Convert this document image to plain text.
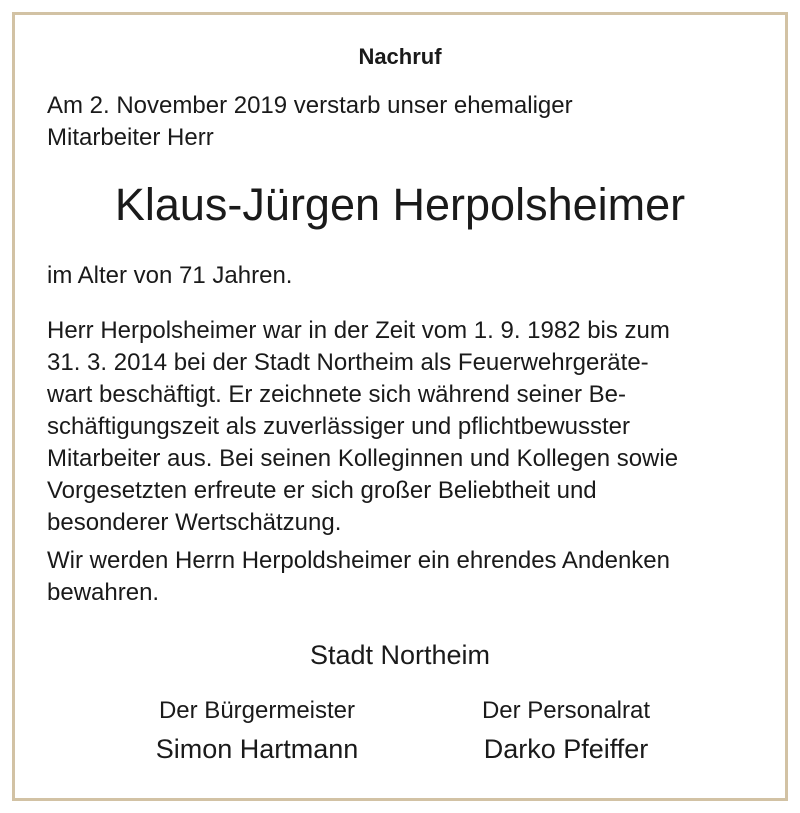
Nachruf
Am 2. November 2019 verstarb unser ehemaliger
Mitarbeiter Herr
Klaus-Jürgen Herpolsheimer
im Alter von 71 Jahren.
Herr Herpolsheimer war in der Zeit vom 1. 9. 1982 bis zum
31. 3. 2014 bei der Stadt Northeim als Feuerwehrgeräte-
wart beschäftigt. Er zeichnete sich während seiner Be-
schäftigungszeit als zuverlässiger und pflichtbewusster
Mitarbeiter aus. Bei seinen Kolleginnen und Kollegen sowie
Vorgesetzten erfreute er sich großer Beliebtheit und
besonderer Wertschätzung.
Wir werden Herrn Herpoldsheimer ein ehrendes Andenken
bewahren.
Stadt Northeim
Der Bürgermeister
Simon Hartmann
Der Personalrat
Darko Pfeiffer
